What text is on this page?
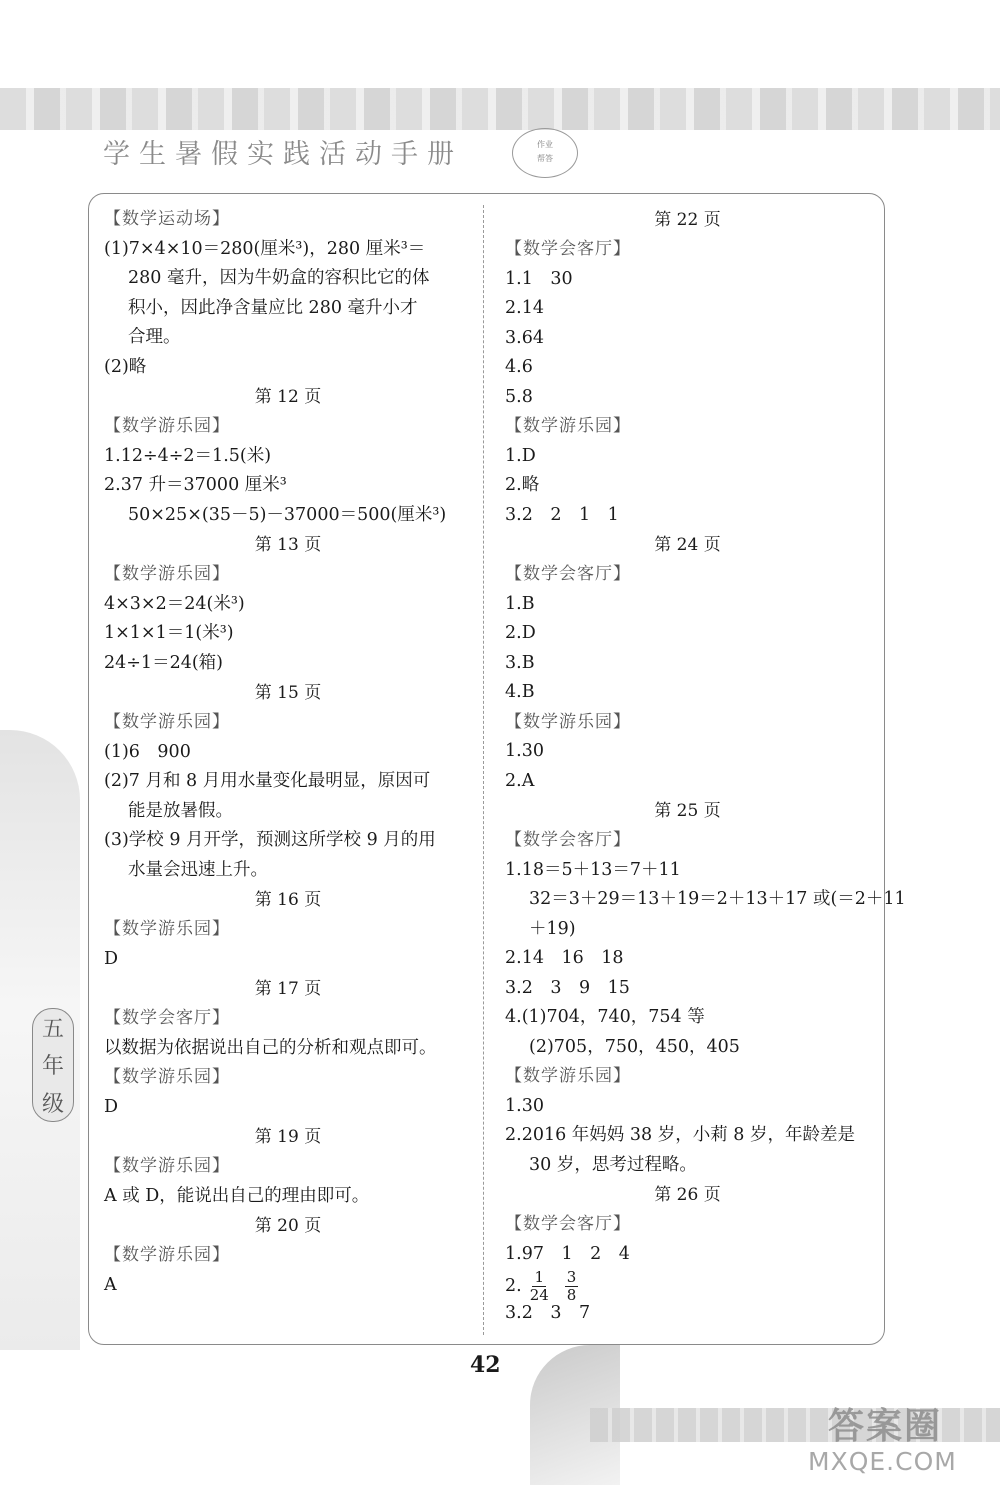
学生暑假实践活动手册	作业
帮答
五
年
级
【数学运动场】
(1)7×4×10＝280(厘米³)，280 厘米³＝
280 毫升，因为牛奶盒的容积比它的体
积小，因此净含量应比 280 毫升小才
合理。
(2)略
第 12 页
【数学游乐园】
1.12÷4÷2＝1.5(米)
2.37 升＝37000 厘米³
50×25×(35－5)－37000＝500(厘米³)
第 13 页
【数学游乐园】
4×3×2＝24(米³)
1×1×1＝1(米³)
24÷1＝24(箱)
第 15 页
【数学游乐园】
(1)6　900
(2)7 月和 8 月用水量变化最明显，原因可
能是放暑假。
(3)学校 9 月开学，预测这所学校 9 月的用
水量会迅速上升。
第 16 页
【数学游乐园】
D
第 17 页
【数学会客厅】
以数据为依据说出自己的分析和观点即可。
【数学游乐园】
D
第 19 页
【数学游乐园】
A 或 D，能说出自己的理由即可。
第 20 页
【数学游乐园】
A
第 22 页
【数学会客厅】
1.1　30
2.14
3.64
4.6
5.8
【数学游乐园】
1.D
2.略
3.2　2　1　1
第 24 页
【数学会客厅】
1.B
2.D
3.B
4.B
【数学游乐园】
1.30
2.A
第 25 页
【数学会客厅】
1.18＝5＋13＝7＋11
32＝3＋29＝13＋19＝2＋13＋17 或(＝2＋11
＋19)
2.14　16　18
3.2　3　9　15
4.(1)704，740，754 等
(2)705，750，450，405
【数学游乐园】
1.30
2.2016 年妈妈 38 岁，小莉 8 岁，年龄差是
30 岁，思考过程略。
第 26 页
【数学会客厅】
1.97　1　2　4
2. $\frac{1}{24} \frac{3}{8}$
3.2　3　7
42
答案圈
MXQE.COM
